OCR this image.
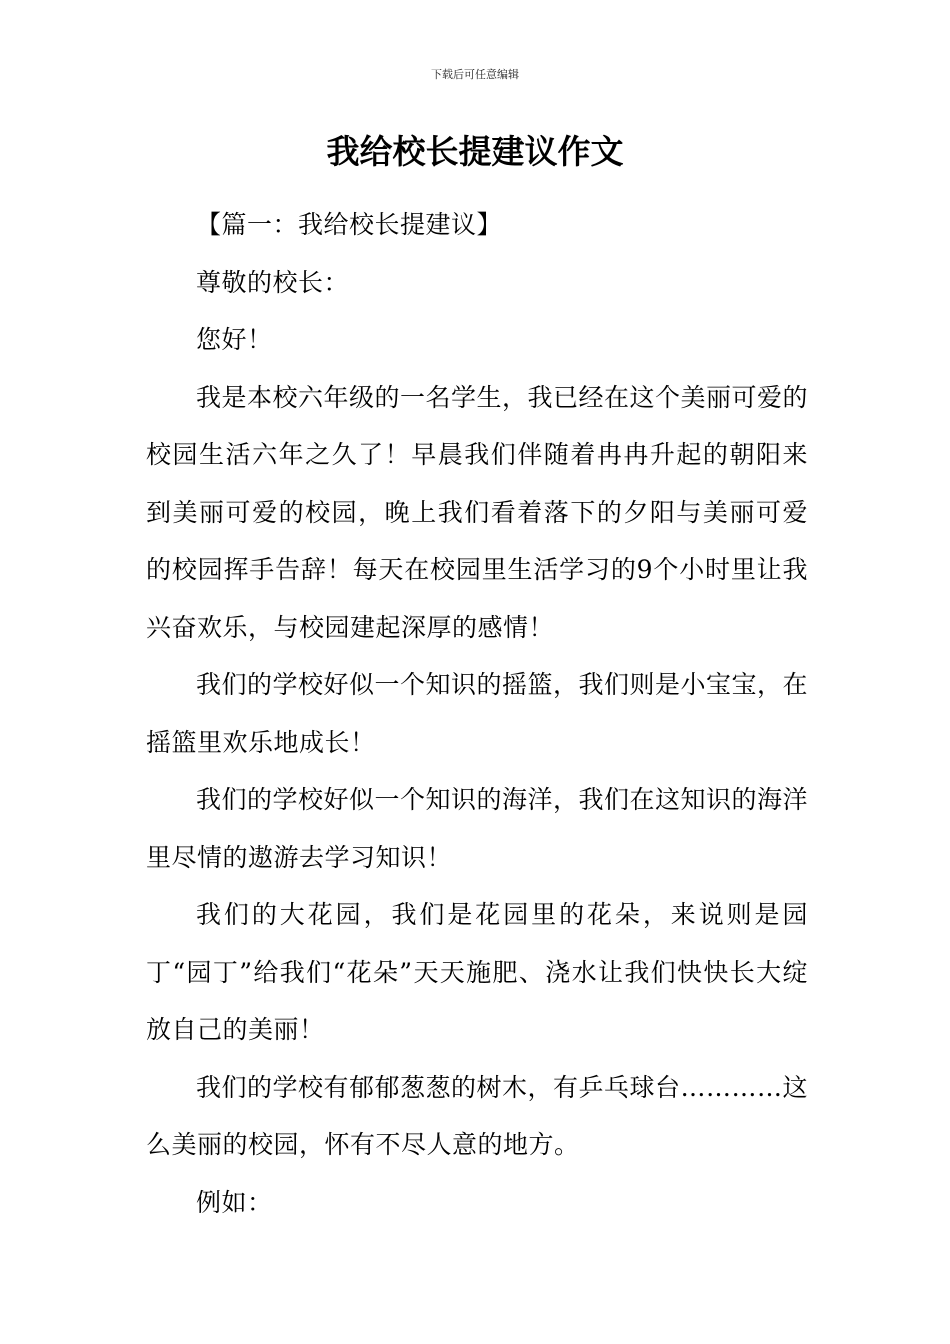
下载后可任意编辑
我给校长提建议作文

【篇一：我给校长提建议】

尊敬的校长：

您好！

我是本校六年级的一名学生，我已经在这个美丽可爱的校园生活六年之久了！早晨我们伴随着冉冉升起的朝阳来到美丽可爱的校园，晚上我们看着落下的夕阳与美丽可爱的校园挥手告辞！每天在校园里生活学习的9个小时里让我兴奋欢乐，与校园建起深厚的感情！

我们的学校好似一个知识的摇篮，我们则是小宝宝，在摇篮里欢乐地成长！

我们的学校好似一个知识的海洋，我们在这知识的海洋里尽情的遨游去学习知识！

我们的大花园，我们是花园里的花朵，来说则是园丁“园丁”给我们“花朵”天天施肥、浇水让我们快快长大绽放自己的美丽！

我们的学校有郁郁葱葱的树木，有乒乓球台…………这么美丽的校园，怀有不尽人意的地方。

例如：
